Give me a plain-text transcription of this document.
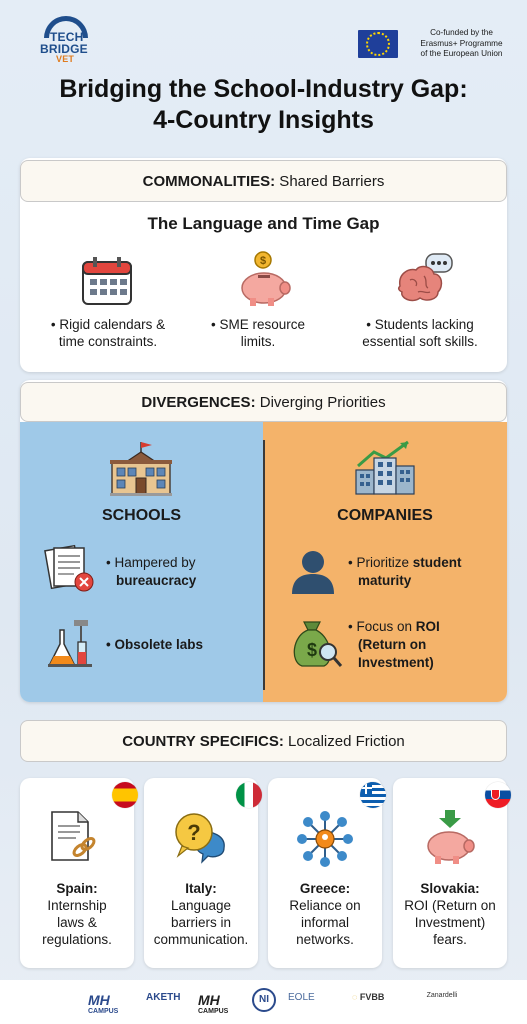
TECH
BRIDGE
VET
Co-funded by the
Erasmus+ Programme
of the European Union
Bridging the School-Industry Gap:
4-Country Insights
COMMONALITIES: Shared Barriers
The Language and Time Gap
$
• Rigid calendars &
time constraints.
• SME resource
limits.
• Students lacking
essential soft skills.
DIVERGENCES: Diverging Priorities
SCHOOLS	COMPANIES
• Hampered by
bureaucracy
• Obsolete labs
• Prioritize student
maturity
$
• Focus on ROI
(Return on
Investment)
COUNTRY SPECIFICS: Localized Friction
Spain:
Internship
laws &
regulations.
?
Italy:
Language
barriers in
communication.
Greece:
Reliance on
informal
networks.
Slovakia:
ROI (Return on
Investment)
fears.
MH CAMPUS
AKETH	MH CAMPUS
NI	EOLE	◌ FVBB	Zanardelli
